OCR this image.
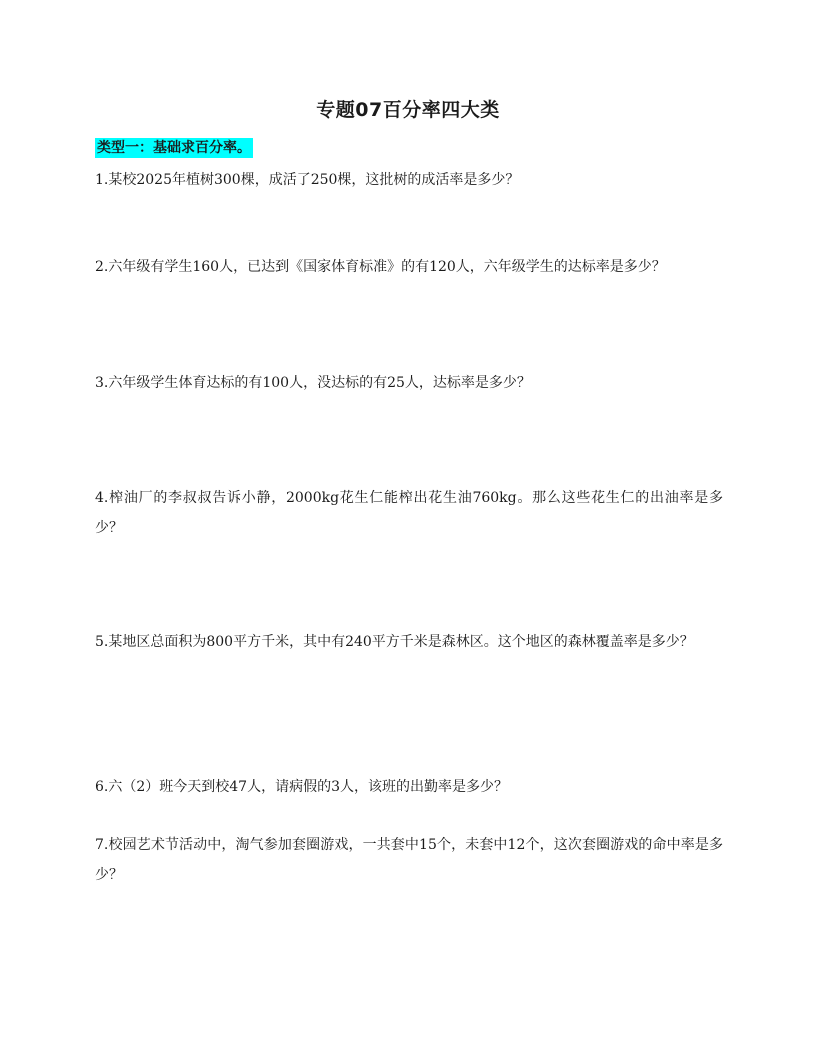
专题07百分率四大类
类型一：基础求百分率。
1.某校2025年植树300棵，成活了250棵，这批树的成活率是多少？
2.六年级有学生160人，已达到《国家体育标准》的有120人，六年级学生的达标率是多少？
3.六年级学生体育达标的有100人，没达标的有25人，达标率是多少？
4.榨油厂的李叔叔告诉小静，2000kg花生仁能榨出花生油760kg。那么这些花生仁的出油率是多少？
5.某地区总面积为800平方千米，其中有240平方千米是森林区。这个地区的森林覆盖率是多少？
6.六（2）班今天到校47人，请病假的3人，该班的出勤率是多少？
7.校园艺术节活动中，淘气参加套圈游戏，一共套中15个，未套中12个，这次套圈游戏的命中率是多少？
